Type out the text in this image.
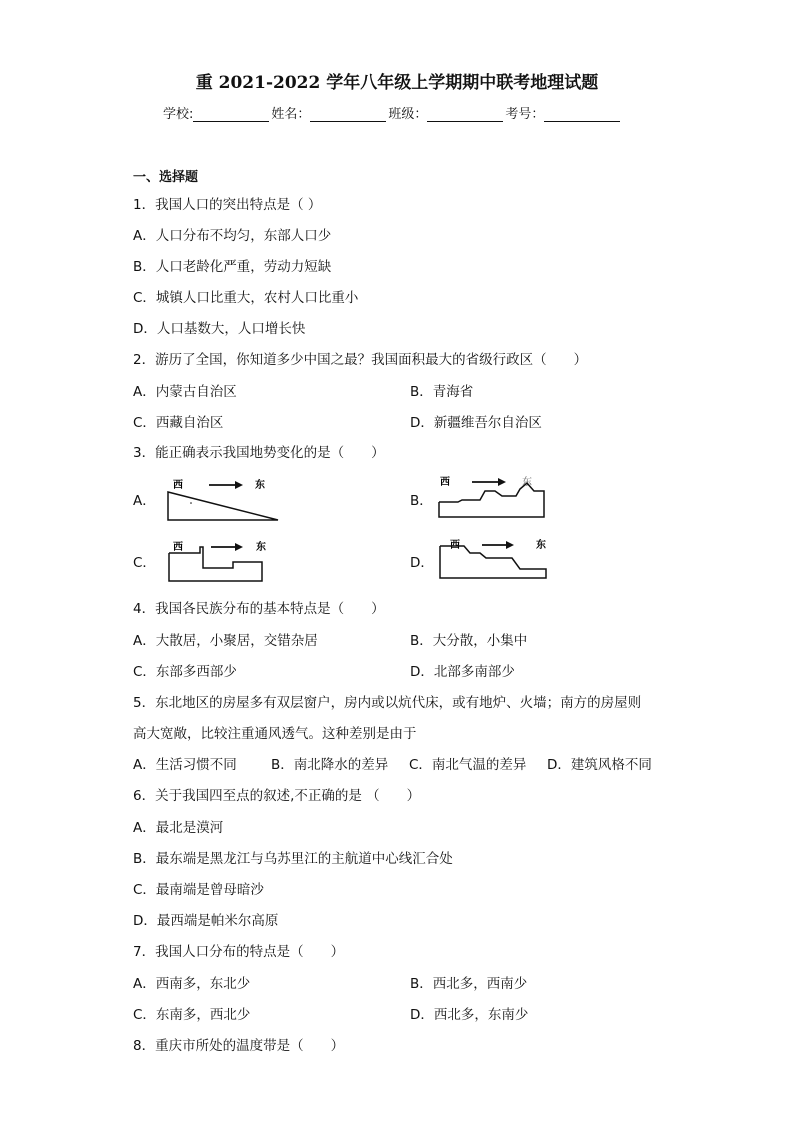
重 2021-2022 学年八年级上学期期中联考地理试题
学校:	姓名：	班级：	考号：
一、选择题
1．我国人口的突出特点是（ ）
A．人口分布不均匀，东部人口少
B．人口老龄化严重，劳动力短缺
C．城镇人口比重大，农村人口比重小
D．人口基数大，人口增长快
2．游历了全国，你知道多少中国之最？我国面积最大的省级行政区（　　）
A．内蒙古自治区	B．青海省
C．西藏自治区	D．新疆维吾尔自治区
3．能正确表示我国地势变化的是（　　）
A．
西	东
B．
西	东
C．
西	东
D．
西	东
4．我国各民族分布的基本特点是（　　）
A．大散居，小聚居，交错杂居	B．大分散，小集中
C．东部多西部少	D．北部多南部少
5．东北地区的房屋多有双层窗户，房内或以炕代床，或有地炉、火墙；南方的房屋则
高大宽敞，比较注重通风透气。这种差别是由于
A．生活习惯不同	B．南北降水的差异 C．南北气温的差异 D．建筑风格不同
6．关于我国四至点的叙述,不正确的是 （　　）
A．最北是漠河
B．最东端是黑龙江与乌苏里江的主航道中心线汇合处
C．最南端是曾母暗沙
D．最西端是帕米尔高原
7．我国人口分布的特点是（　　）
A．西南多，东北少	B．西北多，西南少
C．东南多，西北少	D．西北多，东南少
8．重庆市所处的温度带是（　　）
